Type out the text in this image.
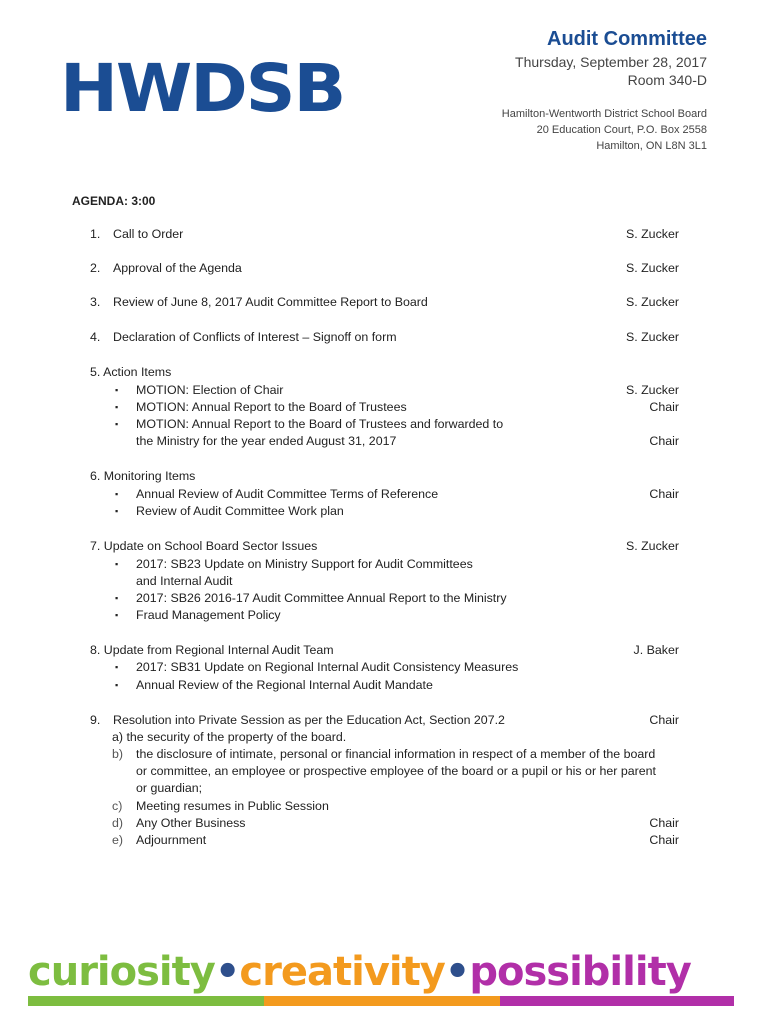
HWDSB
Audit Committee
Thursday, September 28, 2017
Room 340-D
Hamilton-Wentworth District School Board
20 Education Court, P.O. Box 2558
Hamilton, ON L8N 3L1
AGENDA: 3:00
1. Call to Order	S. Zucker
2. Approval of the Agenda	S. Zucker
3. Review of June 8, 2017 Audit Committee Report to Board	S. Zucker
4. Declaration of Conflicts of Interest – Signoff on form	S. Zucker
5. Action Items
▪ MOTION: Election of Chair	S. Zucker
▪ MOTION: Annual Report to the Board of Trustees	Chair
▪ MOTION: Annual Report to the Board of Trustees and forwarded to
the Ministry for the year ended August 31, 2017	Chair
6. Monitoring Items
▪ Annual Review of Audit Committee Terms of Reference	Chair
▪ Review of Audit Committee Work plan
7. Update on School Board Sector Issues	S. Zucker
▪ 2017: SB23 Update on Ministry Support for Audit Committees
and Internal Audit
▪ 2017: SB26 2016-17 Audit Committee Annual Report to the Ministry
▪ Fraud Management Policy
8. Update from Regional Internal Audit Team	J. Baker
▪ 2017: SB31 Update on Regional Internal Audit Consistency Measures
▪ Annual Review of the Regional Internal Audit Mandate
9. Resolution into Private Session as per the Education Act, Section 207.2	Chair
a) the security of the property of the board.
b) the disclosure of intimate, personal or financial information in respect of a member of the board
or committee, an employee or prospective employee of the board or a pupil or his or her parent
or guardian;
c) Meeting resumes in Public Session
d) Any Other Business	Chair
e) Adjournment	Chair
curiosity•creativity•possibility
